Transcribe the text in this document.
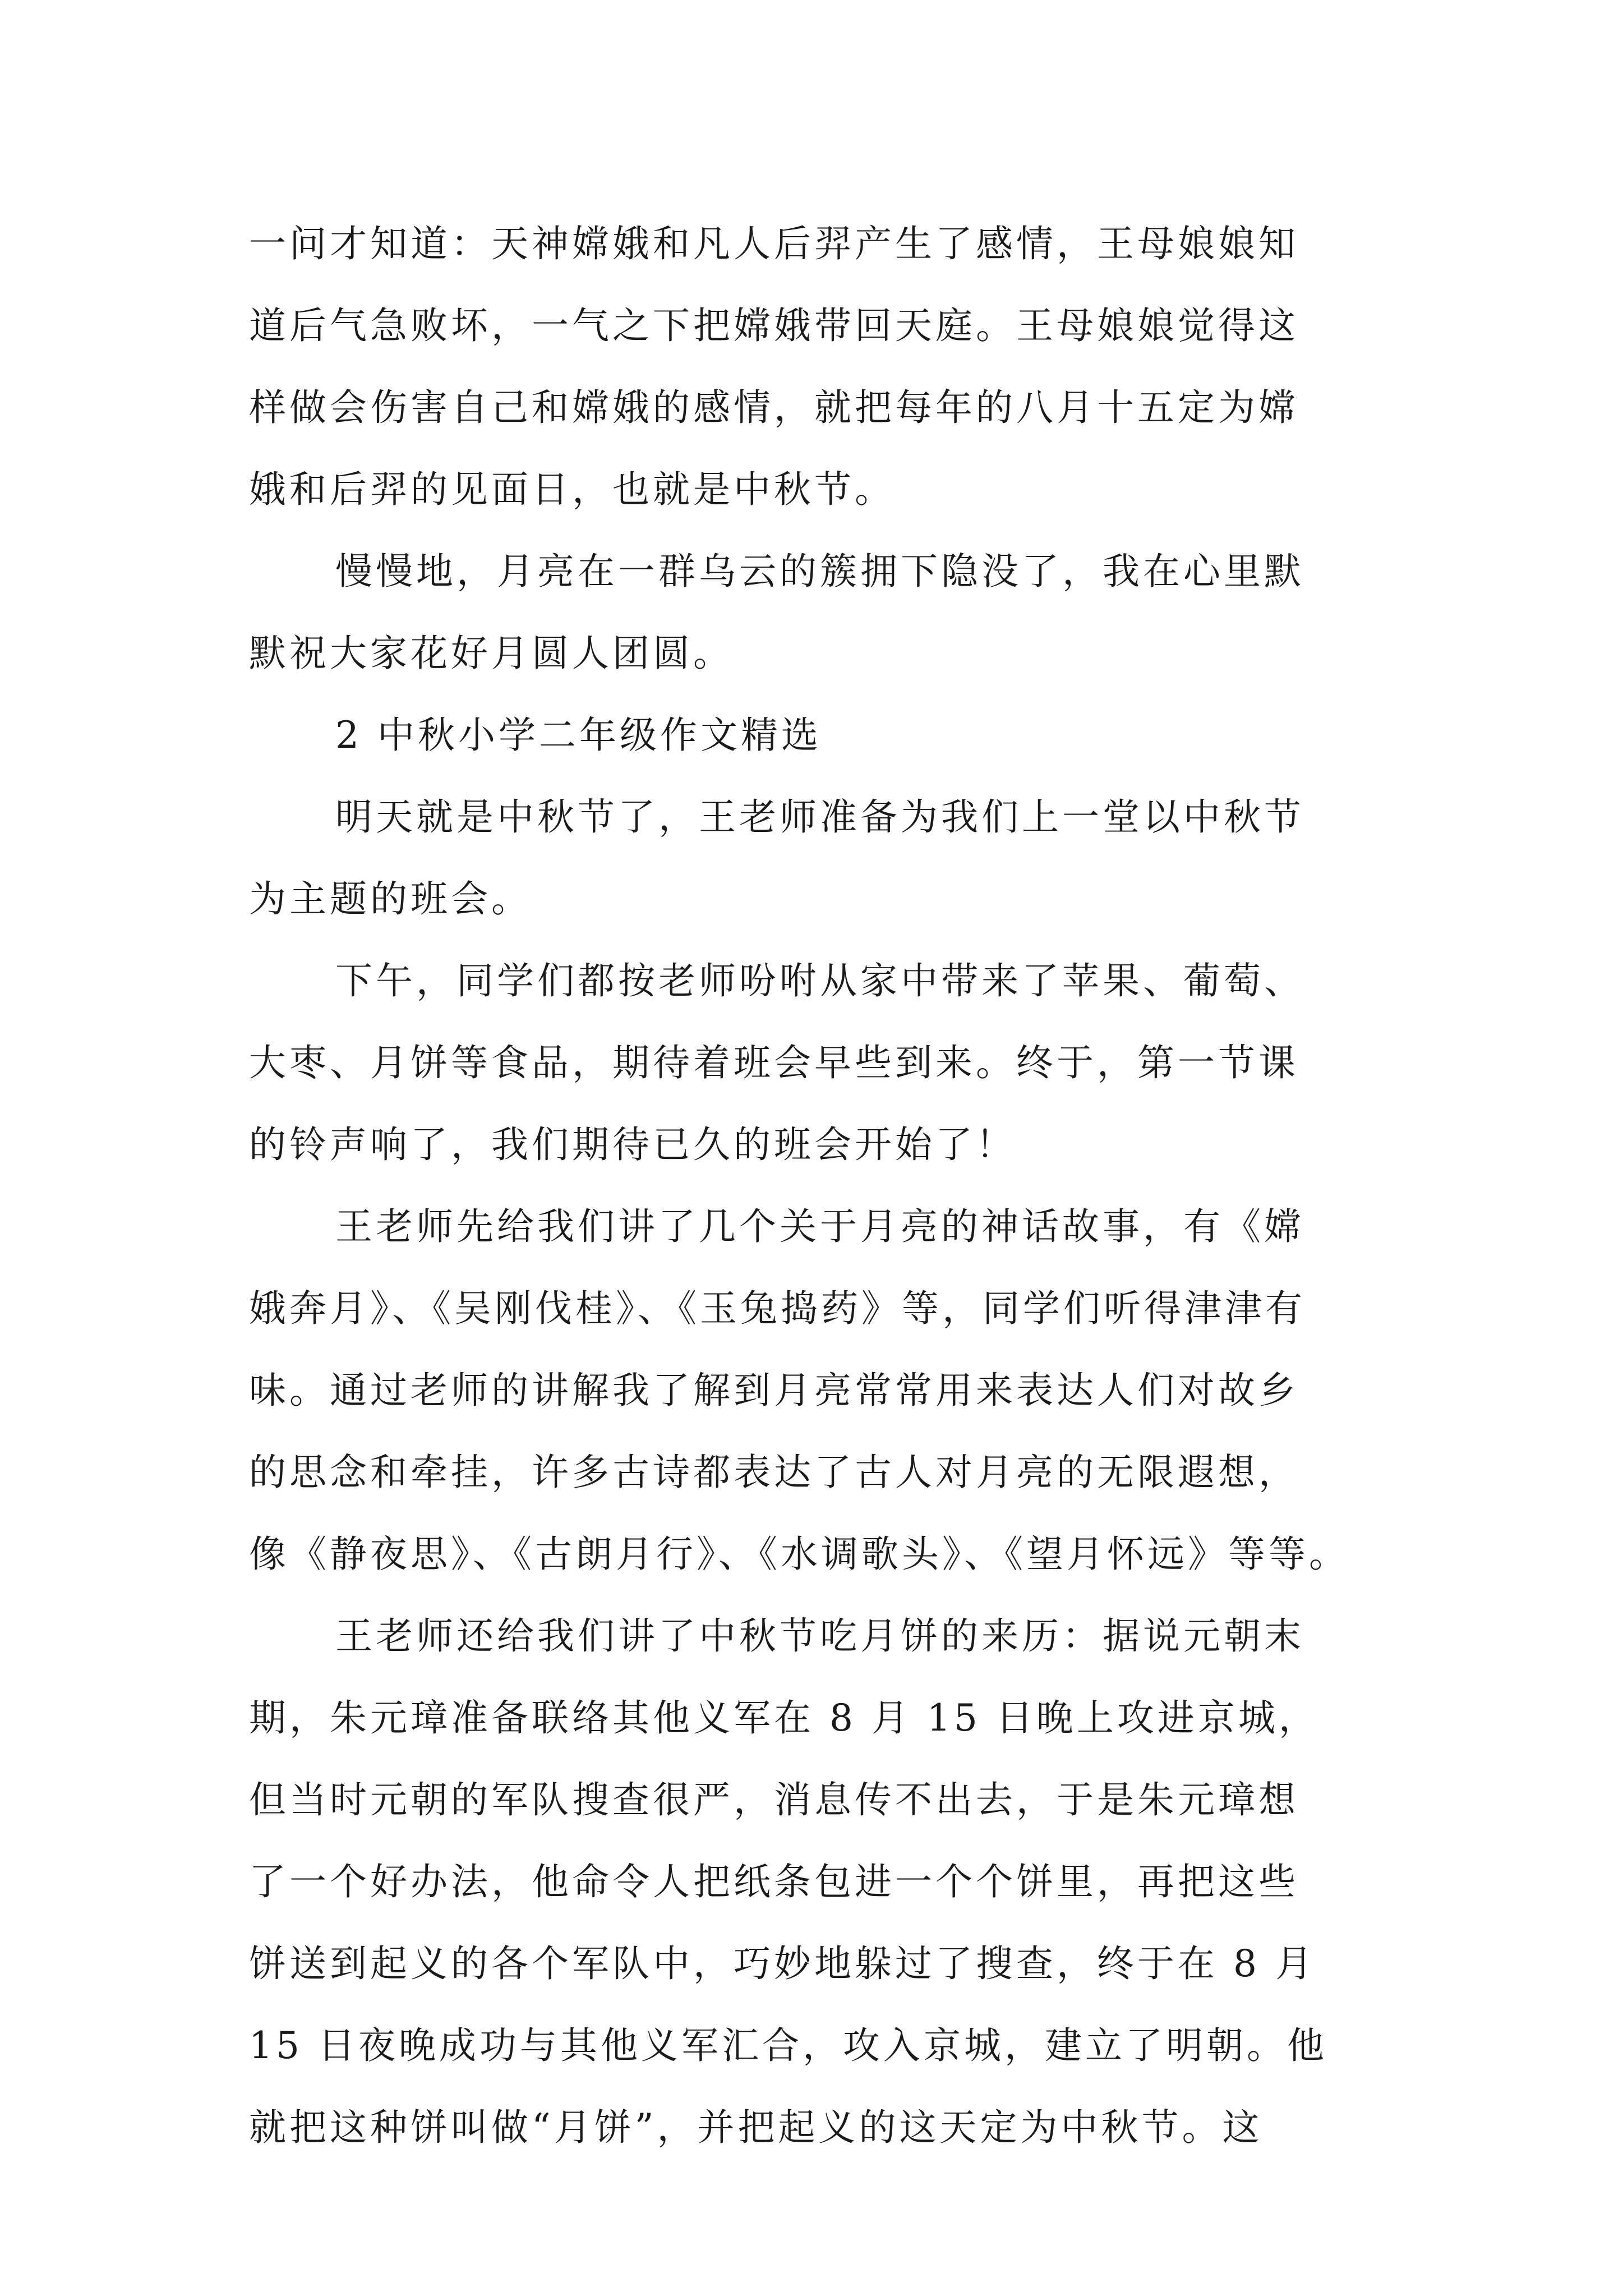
一问才知道：天神嫦娥和凡人后羿产生了感情，王母娘娘知

道后气急败坏，一气之下把嫦娥带回天庭。王母娘娘觉得这

样做会伤害自己和嫦娥的感情，就把每年的八月十五定为嫦

娥和后羿的见面日，也就是中秋节。

慢慢地，月亮在一群乌云的簇拥下隐没了，我在心里默

默祝大家花好月圆人团圆。

2 中秋小学二年级作文精选

明天就是中秋节了，王老师准备为我们上一堂以中秋节

为主题的班会。

下午，同学们都按老师吩咐从家中带来了苹果、葡萄、

大枣、月饼等食品，期待着班会早些到来。终于，第一节课

的铃声响了，我们期待已久的班会开始了！

王老师先给我们讲了几个关于月亮的神话故事，有《嫦

娥奔月》、《吴刚伐桂》、《玉兔捣药》等，同学们听得津津有

味。通过老师的讲解我了解到月亮常常用来表达人们对故乡

的思念和牵挂，许多古诗都表达了古人对月亮的无限遐想，

像《静夜思》、《古朗月行》、《水调歌头》、《望月怀远》等等。

王老师还给我们讲了中秋节吃月饼的来历：据说元朝末

期，朱元璋准备联络其他义军在 8 月 15 日晚上攻进京城，

但当时元朝的军队搜查很严，消息传不出去，于是朱元璋想

了一个好办法，他命令人把纸条包进一个个饼里，再把这些

饼送到起义的各个军队中，巧妙地躲过了搜查，终于在 8 月

15 日夜晚成功与其他义军汇合，攻入京城，建立了明朝。他

就把这种饼叫做“月饼”，并把起义的这天定为中秋节。这
